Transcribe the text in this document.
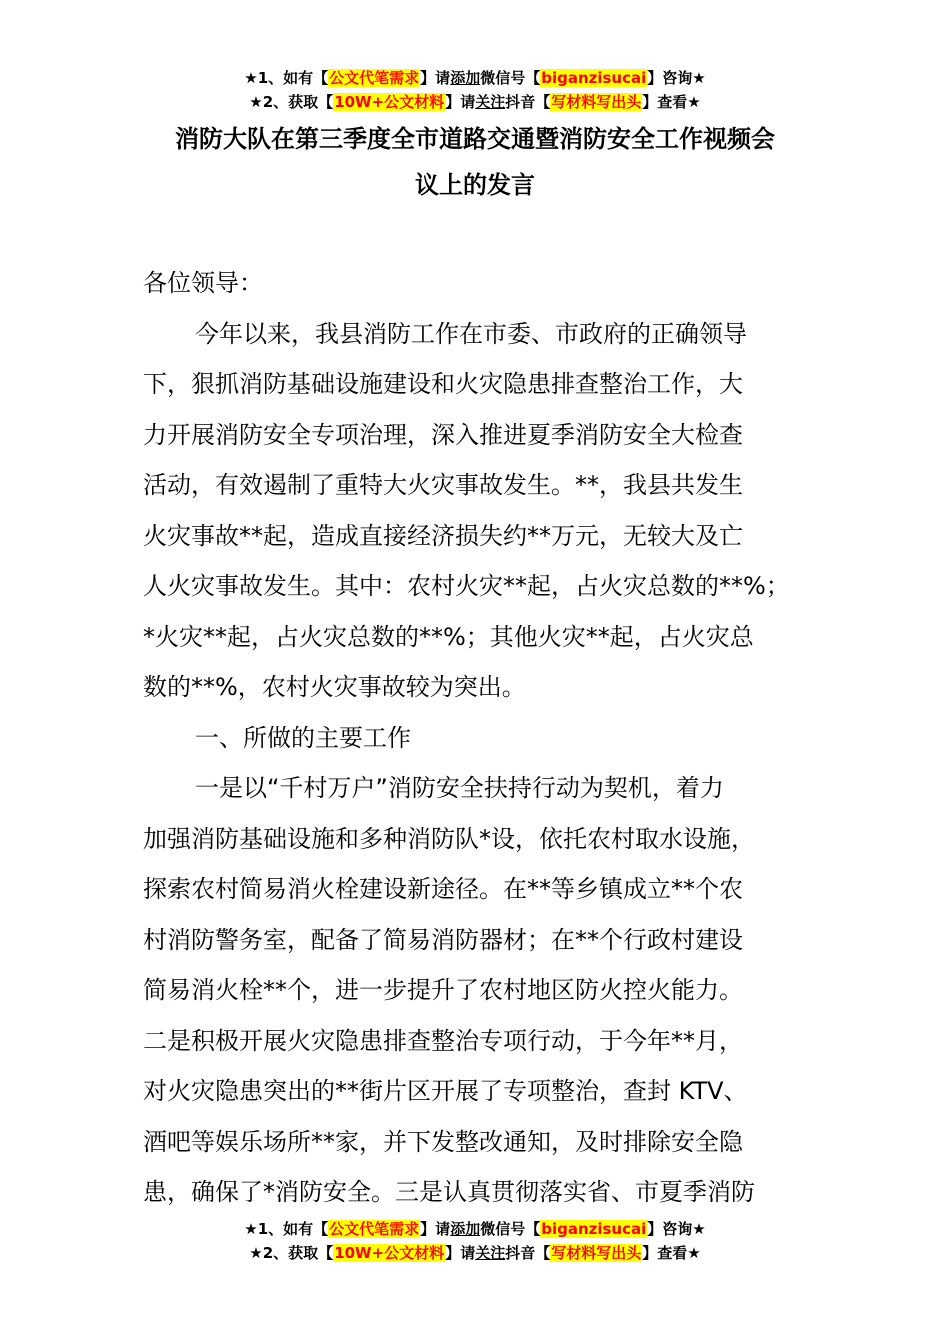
★1、如有【公文代笔需求】请添加微信号【biganzisucai】咨询★
★2、获取【10W+公文材料】请关注抖音【写材料写出头】查看★
消防大队在第三季度全市道路交通暨消防安全工作视频会
议上的发言
各位领导：
今年以来，我县消防工作在市委、市政府的正确领导
下，狠抓消防基础设施建设和火灾隐患排查整治工作，大
力开展消防安全专项治理，深入推进夏季消防安全大检查
活动，有效遏制了重特大火灾事故发生。**，我县共发生
火灾事故**起，造成直接经济损失约**万元，无较大及亡
人火灾事故发生。其中：农村火灾**起，占火灾总数的**%；
*火灾**起，占火灾总数的**%；其他火灾**起，占火灾总
数的**%，农村火灾事故较为突出。
一、所做的主要工作
一是以“千村万户”消防安全扶持行动为契机，着力
加强消防基础设施和多种消防队*设，依托农村取水设施，
探索农村简易消火栓建设新途径。在**等乡镇成立**个农
村消防警务室，配备了简易消防器材；在**个行政村建设
简易消火栓**个，进一步提升了农村地区防火控火能力。
二是积极开展火灾隐患排查整治专项行动，于今年**月，
对火灾隐患突出的**街片区开展了专项整治，查封 KTV、
酒吧等娱乐场所**家，并下发整改通知，及时排除安全隐
患，确保了*消防安全。三是认真贯彻落实省、市夏季消防
★1、如有【公文代笔需求】请添加微信号【biganzisucai】咨询★
★2、获取【10W+公文材料】请关注抖音【写材料写出头】查看★
